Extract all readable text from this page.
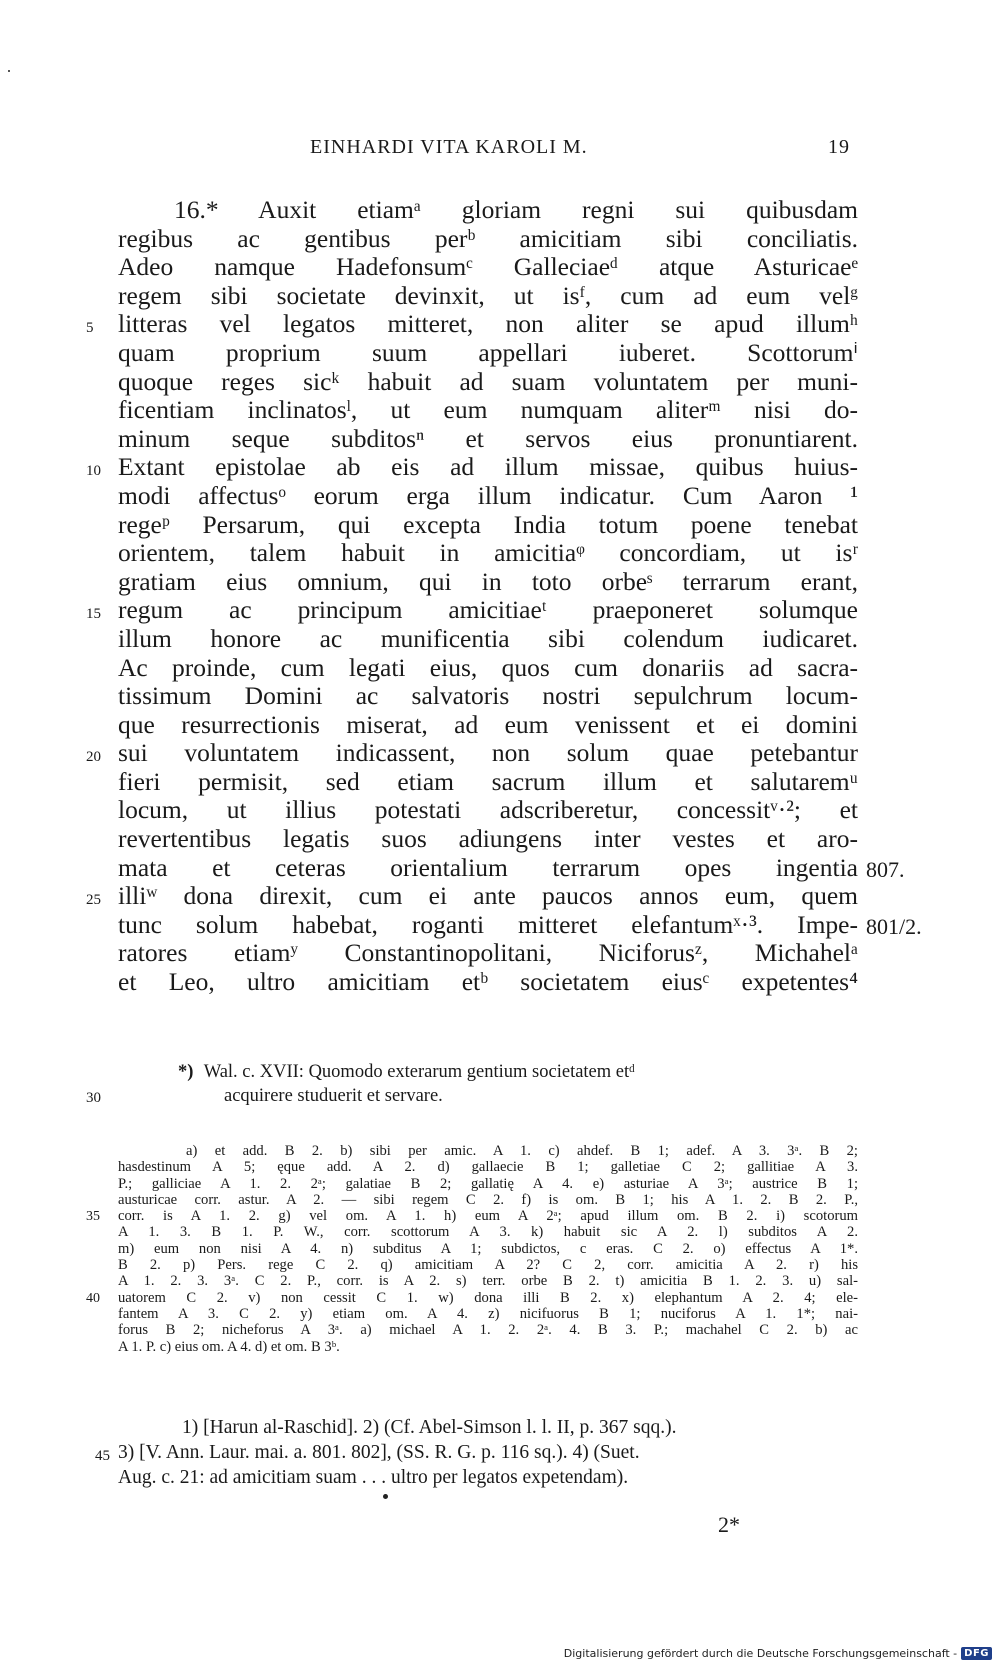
EINHARDI VITA KAROLI M.	19
16.* Auxit etiamᵃ gloriam regni sui quibusdam
regibus ac gentibus perᵇ amicitiam sibi conciliatis.
Adeo namque Hadefonsumᶜ Galleciaeᵈ atque Asturicaeᵉ
regem sibi societate devinxit, ut isᶠ, cum ad eum velᵍ
litteras vel legatos mitteret, non aliter se apud illumʰ
5
quam proprium suum appellari iuberet. Scottorumⁱ
quoque reges sicᵏ habuit ad suam voluntatem per muni-
ficentiam inclinatosˡ, ut eum numquam aliterᵐ nisi do-
minum seque subditosⁿ et servos eius pronuntiarent.
Extant epistolae ab eis ad illum missae, quibus huius-
10
modi affectusᵒ eorum erga illum indicatur. Cum Aaron ¹
regeᵖ Persarum, qui excepta India totum poene tenebat
orientem, talem habuit in amicitiaᵠ concordiam, ut isʳ
gratiam eius omnium, qui in toto orbeˢ terrarum erant,
regum ac principum amicitiaeᵗ praeponeret solumque
15
illum honore ac munificentia sibi colendum iudicaret.
Ac proinde, cum legati eius, quos cum donariis ad sacra-
tissimum Domini ac salvatoris nostri sepulchrum locum-
que resurrectionis miserat, ad eum venissent et ei domini
sui voluntatem indicassent, non solum quae petebantur
20
fieri permisit, sed etiam sacrum illum et salutaremᵘ
locum, ut illius potestati adscriberetur, concessitᵛ·²; et
revertentibus legatis suos adiungens inter vestes et aro-
mata et ceteras orientalium terrarum opes ingentia 807.
illiʷ dona direxit, cum ei ante paucos annos eum, quem
25
tunc solum habebat, roganti mitteret elefantumˣ·³. Impe- 801/2.
ratores etiamʸ Constantinopolitani, Niciforusᶻ, Michahelᵃ
et Leo, ultro amicitiam etᵇ societatem eiusᶜ expetentes⁴
*) Wal. c. XVII: Quomodo exterarum gentium societatem etᵈ
acquirere studuerit et servare.
30
a) et add. B 2. b) sibi per amic. A 1. c) ahdef. B 1; adef. A 3. 3ᵃ. B 2;
hasdestinum A 5; ęque add. A 2. d) gallaecie B 1; galletiae C 2; gallitiae A 3.
P.; galliciae A 1. 2. 2ᵃ; galatiae B 2; gallatię A 4. e) asturiae A 3ᵃ; austrice B 1;
austuricae corr. astur. A 2. — sibi regem C 2. f) is om. B 1; his A 1. 2. B 2. P.,
corr. is A 1. 2. g) vel om. A 1. h) eum A 2ᵃ; apud illum om. B 2. i) scotorum
35
A 1. 3. B 1. P. W., corr. scottorum A 3. k) habuit sic A 2. l) subditos A 2.
m) eum non nisi A 4. n) subditus A 1; subdictos, c eras. C 2. o) effectus A 1*.
B 2. p) Pers. rege C 2. q) amicitiam A 2? C 2, corr. amicitia A 2. r) his
A 1. 2. 3. 3ᵃ. C 2. P., corr. is A 2. s) terr. orbe B 2. t) amicitia B 1. 2. 3. u) sal-
uatorem C 2. v) non cessit C 1. w) dona illi B 2. x) elephantum A 2. 4; ele-
40
fantem A 3. C 2. y) etiam om. A 4. z) nicifuorus B 1; nuciforus A 1. 1*; nai-
forus B 2; nicheforus A 3ᵃ. a) michael A 1. 2. 2ᵃ. 4. B 3. P.; machahel C 2. b) ac
A 1. P. c) eius om. A 4. d) et om. B 3ᵇ.
1) [Harun al-Raschid]. 2) (Cf. Abel-Simson l. l. II, p. 367 sqq.).
3) [V. Ann. Laur. mai. a. 801. 802], (SS. R. G. p. 116 sq.). 4) (Suet.
45
Aug. c. 21: ad amicitiam suam . . . ultro per legatos expetendam).
2*
Digitalisierung gefördert durch die Deutsche Forschungsgemeinschaft - DFG
